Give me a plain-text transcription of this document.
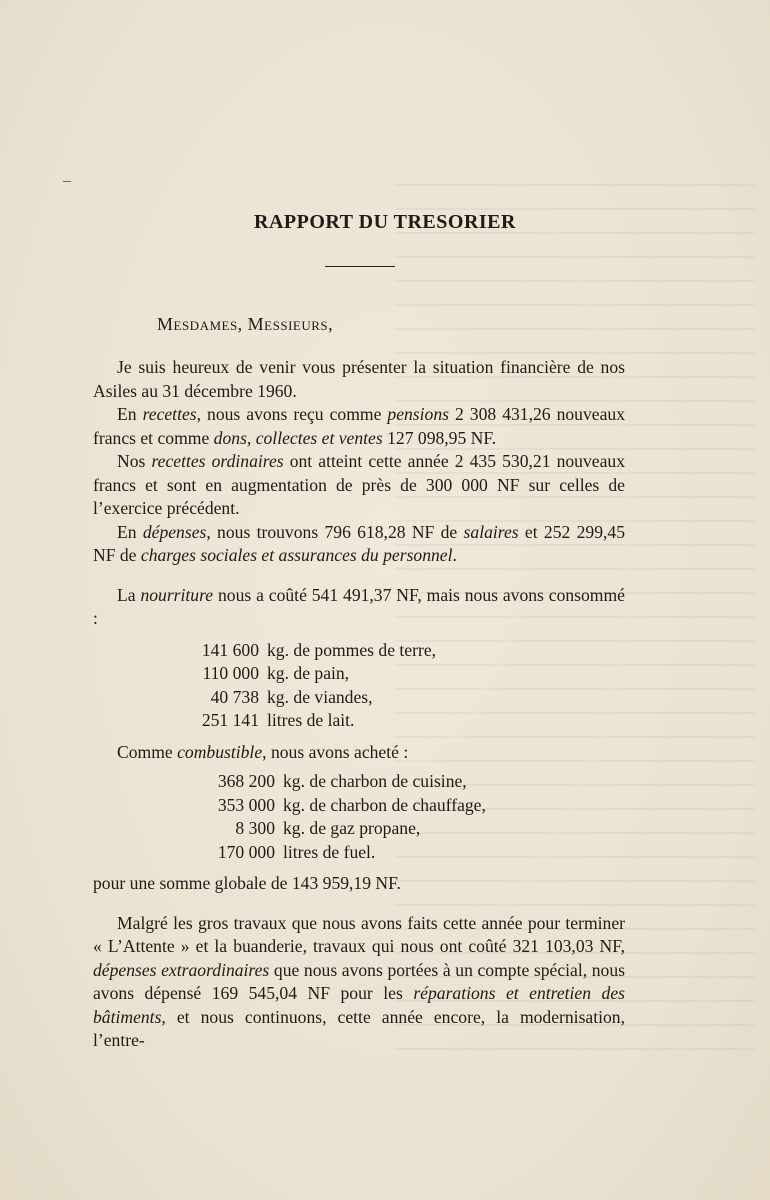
RAPPORT DU TRESORIER
Mesdames, Messieurs,

Je suis heureux de venir vous présenter la situation financière de nos Asiles au 31 décembre 1960.

En recettes, nous avons reçu comme pensions 2 308 431,26 nouveaux francs et comme dons, collectes et ventes 127 098,95 NF.

Nos recettes ordinaires ont atteint cette année 2 435 530,21 nouveaux francs et sont en augmentation de près de 300 000 NF sur celles de l’exercice précédent.

En dépenses, nous trouvons 796 618,28 NF de salaires et 252 299,45 NF de charges sociales et assurances du personnel.

La nourriture nous a coûté 541 491,37 NF, mais nous avons consommé :

141 600 kg. de pommes de terre,
110 000 kg. de pain,
40 738 kg. de viandes,
251 141 litres de lait.

Comme combustible, nous avons acheté :

368 200 kg. de charbon de cuisine,
353 000 kg. de charbon de chauffage,
8 300 kg. de gaz propane,
170 000 litres de fuel.

pour une somme globale de 143 959,19 NF.

Malgré les gros travaux que nous avons faits cette année pour terminer « L’Attente » et la buanderie, travaux qui nous ont coûté 321 103,03 NF, dépenses extraordinaires que nous avons portées à un compte spécial, nous avons dépensé 169 545,04 NF pour les réparations et entretien des bâtiments, et nous continuons, cette année encore, la modernisation, l’entre-
